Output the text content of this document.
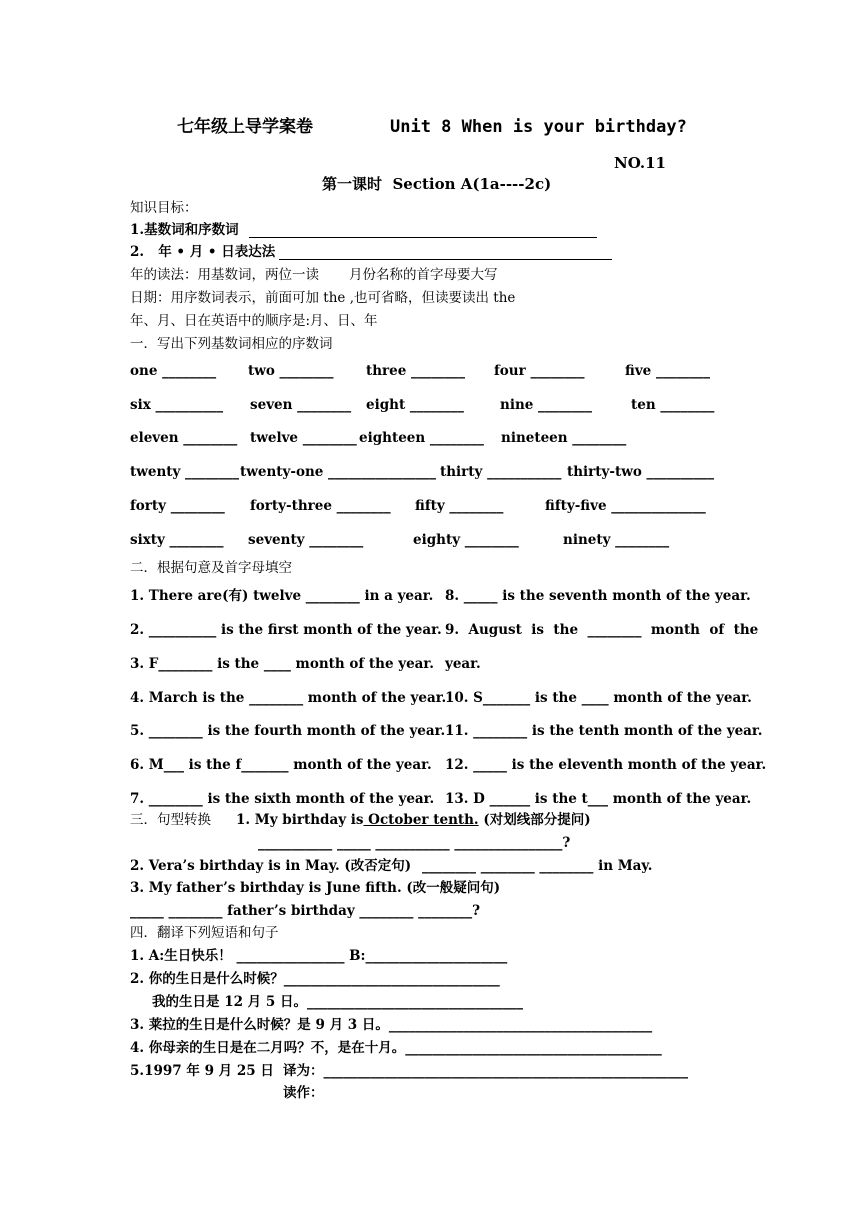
七年级上导学案卷	Unit 8 When is your birthday?
NO.11
第一课时  Section A(1a----2c)
知识目标：
1.基数词和序数词
2.   年 • 月 • 日表达法
年的读法：用基数词，两位一读       月份名称的首字母要大写
日期：用序数词表示，前面可加 the ,也可省略，但读要读出 the
年、月、日在英语中的顺序是:月、日、年
一．写出下列基数词相应的序数词
one ________ two ________ three ________ four ________	five ________
six __________ seven ________ eight ________	nine ________	ten ________
eleven ________ twelve ________ eighteen ________ nineteen ________
twenty ________ twenty-one ________________ thirty ___________ thirty-two __________
forty ________ forty-three ________ fifty ________	fifty-five ______________
sixty ________ seventy ________	eighty ________	ninety ________
二．根据句意及首字母填空
1. There are(有) twelve ________ in a year.
2. __________ is the first month of the year.
3. F________ is the ____ month of the year.
4. March is the ________ month of the year.
5. ________ is the fourth month of the year.
6. M___ is the f_______ month of the year.
7. ________ is the sixth month of the year.
8. _____ is the seventh month of the year.
9.  August  is  the  ________  month  of  the
year.
10. S_______ is the ____ month of the year.
11. ________ is the tenth month of the year.
12. _____ is the eleventh month of the year.
13. D ______ is the t___ month of the year.
三．句型转换 1. My birthday is October tenth. (对划线部分提问)
___________ _____ ___________ ________________?
2. Vera’s birthday is in May. (改否定句) ________ ________ ________ in May.
3. My father’s birthday is June fifth. (改一般疑问句)
_____ ________ father’s birthday ________ ________?
四．翻译下列短语和句子
1. A:生日快乐！ ________________ B:_____________________
2. 你的生日是什么时候？________________________________
我的生日是 12 月 5 日。________________________________
3. 莱拉的生日是什么时候？是 9 月 3 日。_______________________________________
4. 你母亲的生日是在二月吗？不，是在十月。______________________________________
5.1997 年 9 月 25 日 译为：______________________________________________________
读作：
